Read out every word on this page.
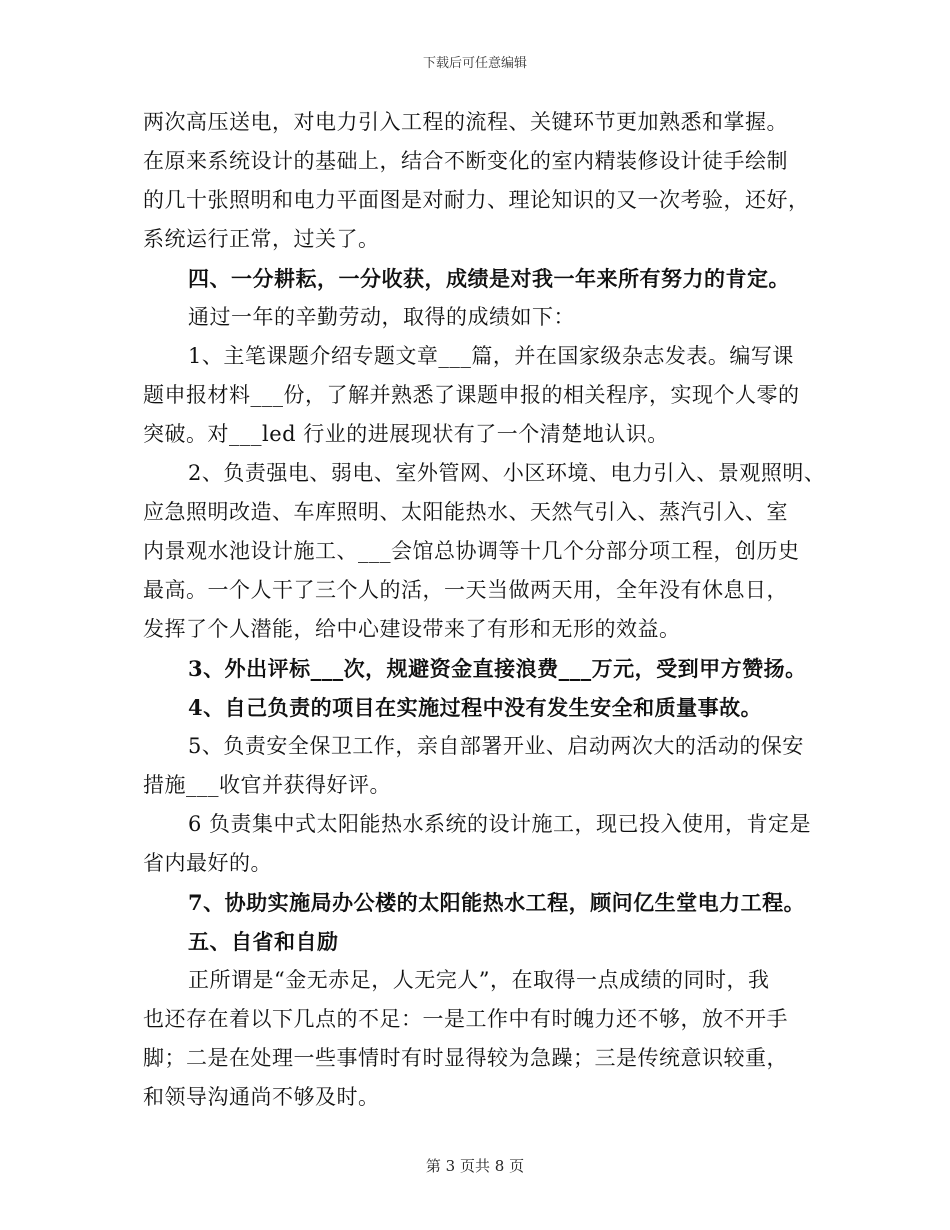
下载后可任意编辑
两次高压送电，对电力引入工程的流程、关键环节更加熟悉和掌握。
在原来系统设计的基础上，结合不断变化的室内精装修设计徒手绘制
的几十张照明和电力平面图是对耐力、理论知识的又一次考验，还好，
系统运行正常，过关了。
四、一分耕耘，一分收获，成绩是对我一年来所有努力的肯定。
通过一年的辛勤劳动，取得的成绩如下：
1、主笔课题介绍专题文章___篇，并在国家级杂志发表。编写课
题申报材料___份，了解并熟悉了课题申报的相关程序，实现个人零的
突破。对___led 行业的进展现状有了一个清楚地认识。
2、负责强电、弱电、室外管网、小区环境、电力引入、景观照明、
应急照明改造、车库照明、太阳能热水、天然气引入、蒸汽引入、室
内景观水池设计施工、___会馆总协调等十几个分部分项工程，创历史
最高。一个人干了三个人的活，一天当做两天用，全年没有休息日，
发挥了个人潜能，给中心建设带来了有形和无形的效益。
3、外出评标___次，规避资金直接浪费___万元，受到甲方赞扬。
4、自己负责的项目在实施过程中没有发生安全和质量事故。
5、负责安全保卫工作，亲自部署开业、启动两次大的活动的保安
措施___收官并获得好评。
6 负责集中式太阳能热水系统的设计施工，现已投入使用，肯定是
省内最好的。
7、协助实施局办公楼的太阳能热水工程，顾问亿生堂电力工程。
五、自省和自励
正所谓是“金无赤足，人无完人”，在取得一点成绩的同时，我
也还存在着以下几点的不足：一是工作中有时魄力还不够，放不开手
脚；二是在处理一些事情时有时显得较为急躁；三是传统意识较重，
和领导沟通尚不够及时。
第 3 页共 8 页
